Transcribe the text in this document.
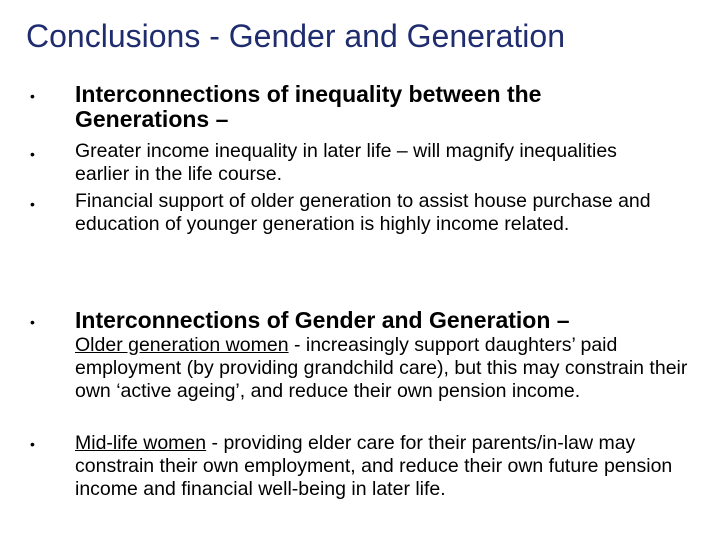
Conclusions - Gender and Generation
• Interconnections of inequality between the Generations –
• Greater income inequality in later life – will magnify inequalities earlier in the life course.
• Financial support of older generation to assist house purchase and education of younger generation is highly income related.
• Interconnections of Gender and Generation –
Older generation women - increasingly support daughters’ paid employment (by providing grandchild care), but this may constrain their own ‘active ageing’, and reduce their own pension income.
• Mid-life women - providing elder care for their parents/in-law may constrain their own employment, and reduce their own future pension income and financial well-being in later life.
